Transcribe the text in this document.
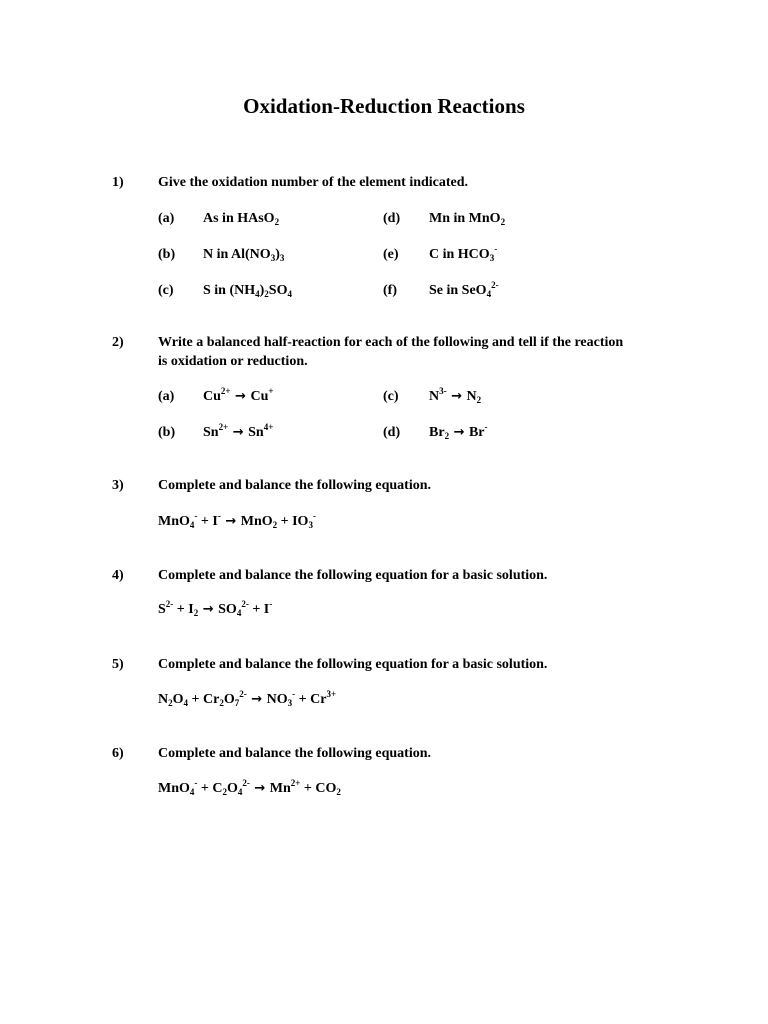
Oxidation-Reduction Reactions
1) Give the oxidation number of the element indicated.
(a) As in HAsO$_2$	(d) Mn in MnO$_2$
(b) N in $Al(NO_3)_3$	(e) C in $HCO_3^-$
(c) S in $(NH_4)_2SO_4$	(f) Se in SeO$_4^{2-}$
2) Write a balanced half-reaction for each of the following and tell if the reaction is oxidation or reduction.
(a) $Cu^{2+} \to Cu^+$	(c) $N^{3-} \to N_2$
(b) $Sn^{2+} \to Sn^{4+}$	(d) $Br_2 \to Br^-$
3) Complete and balance the following equation.
$MnO_4^- + I^- \to MnO_2 + IO_3^-$
4) Complete and balance the following equation for a basic solution.
$S^{2-} + I_2 \to SO_4^{2-} + I^-$
5) Complete and balance the following equation for a basic solution.
$N_2O_4 + Cr_2O_7^{2-} \to NO_3^- + Cr^{3+}$
6) Complete and balance the following equation.
$MnO_4^- + C_2O_4^{2-} \to Mn^{2+} + CO_2$
